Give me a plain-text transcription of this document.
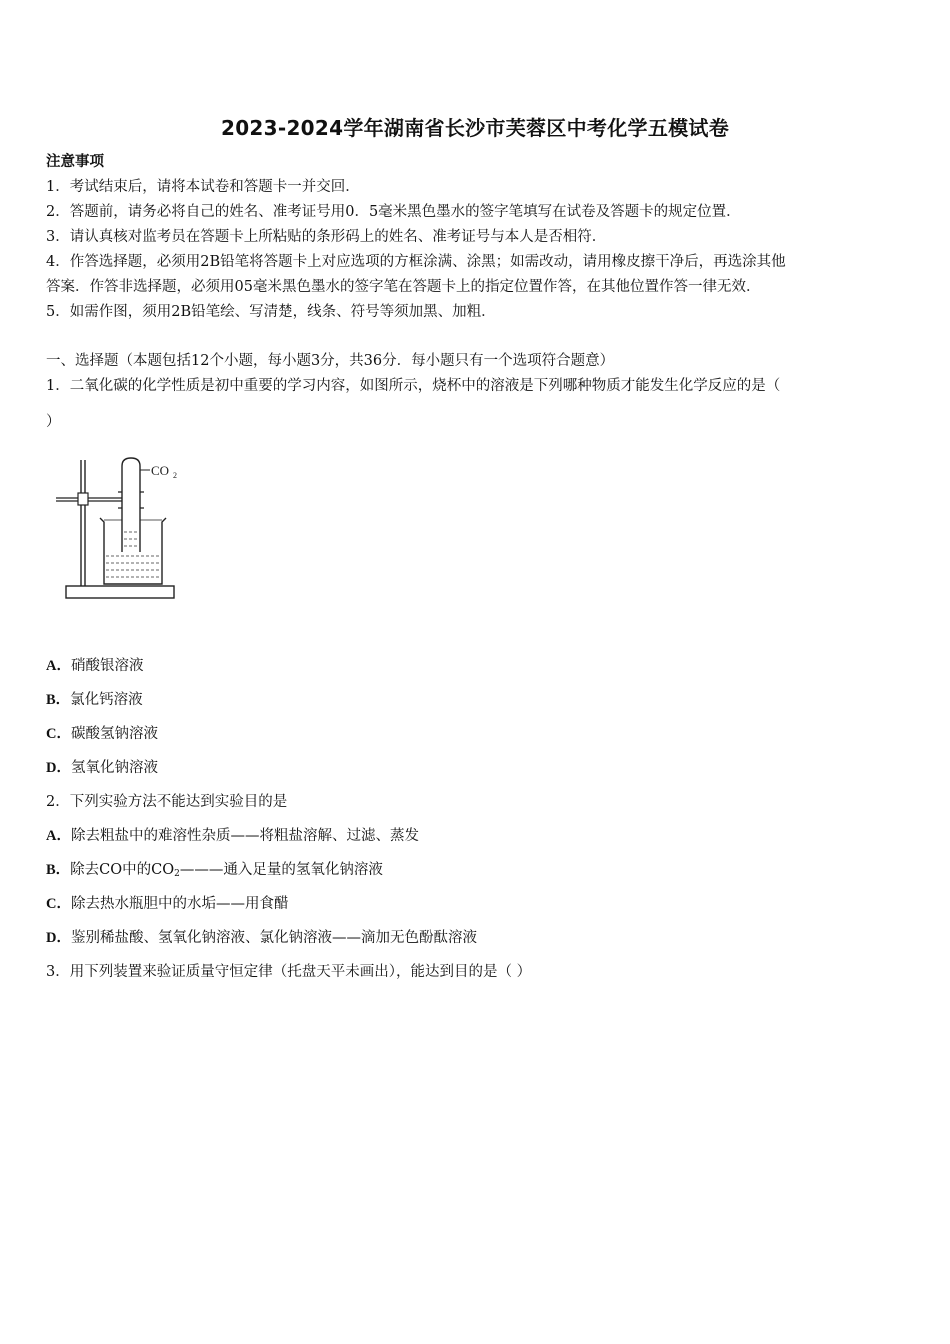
2023-2024学年湖南省长沙市芙蓉区中考化学五模试卷
注意事项
1．考试结束后，请将本试卷和答题卡一并交回．
2．答题前，请务必将自己的姓名、准考证号用0．5毫米黑色墨水的签字笔填写在试卷及答题卡的规定位置．
3．请认真核对监考员在答题卡上所粘贴的条形码上的姓名、准考证号与本人是否相符．
4．作答选择题，必须用2B铅笔将答题卡上对应选项的方框涂满、涂黑；如需改动，请用橡皮擦干净后，再选涂其他
答案．作答非选择题，必须用05毫米黑色墨水的签字笔在答题卡上的指定位置作答，在其他位置作答一律无效．
5．如需作图，须用2B铅笔绘、写清楚，线条、符号等须加黑、加粗．
一、选择题（本题包括12个小题，每小题3分，共36分．每小题只有一个选项符合题意）
1．二氧化碳的化学性质是初中重要的学习内容，如图所示，烧杯中的溶液是下列哪种物质才能发生化学反应的是（
）
CO 2
A．硝酸银溶液
B．氯化钙溶液
C．碳酸氢钠溶液
D．氢氧化钠溶液
2．下列实验方法不能达到实验目的是
A．除去粗盐中的难溶性杂质——将粗盐溶解、过滤、蒸发
B．除去CO中的$CO_2———$通入足量的氢氧化钠溶液
C．除去热水瓶胆中的水垢——用食醋
D．鉴别稀盐酸、氢氧化钠溶液、氯化钠溶液——滴加无色酚酞溶液
3．用下列装置来验证质量守恒定律（托盘天平未画出），能达到目的是（ ）
